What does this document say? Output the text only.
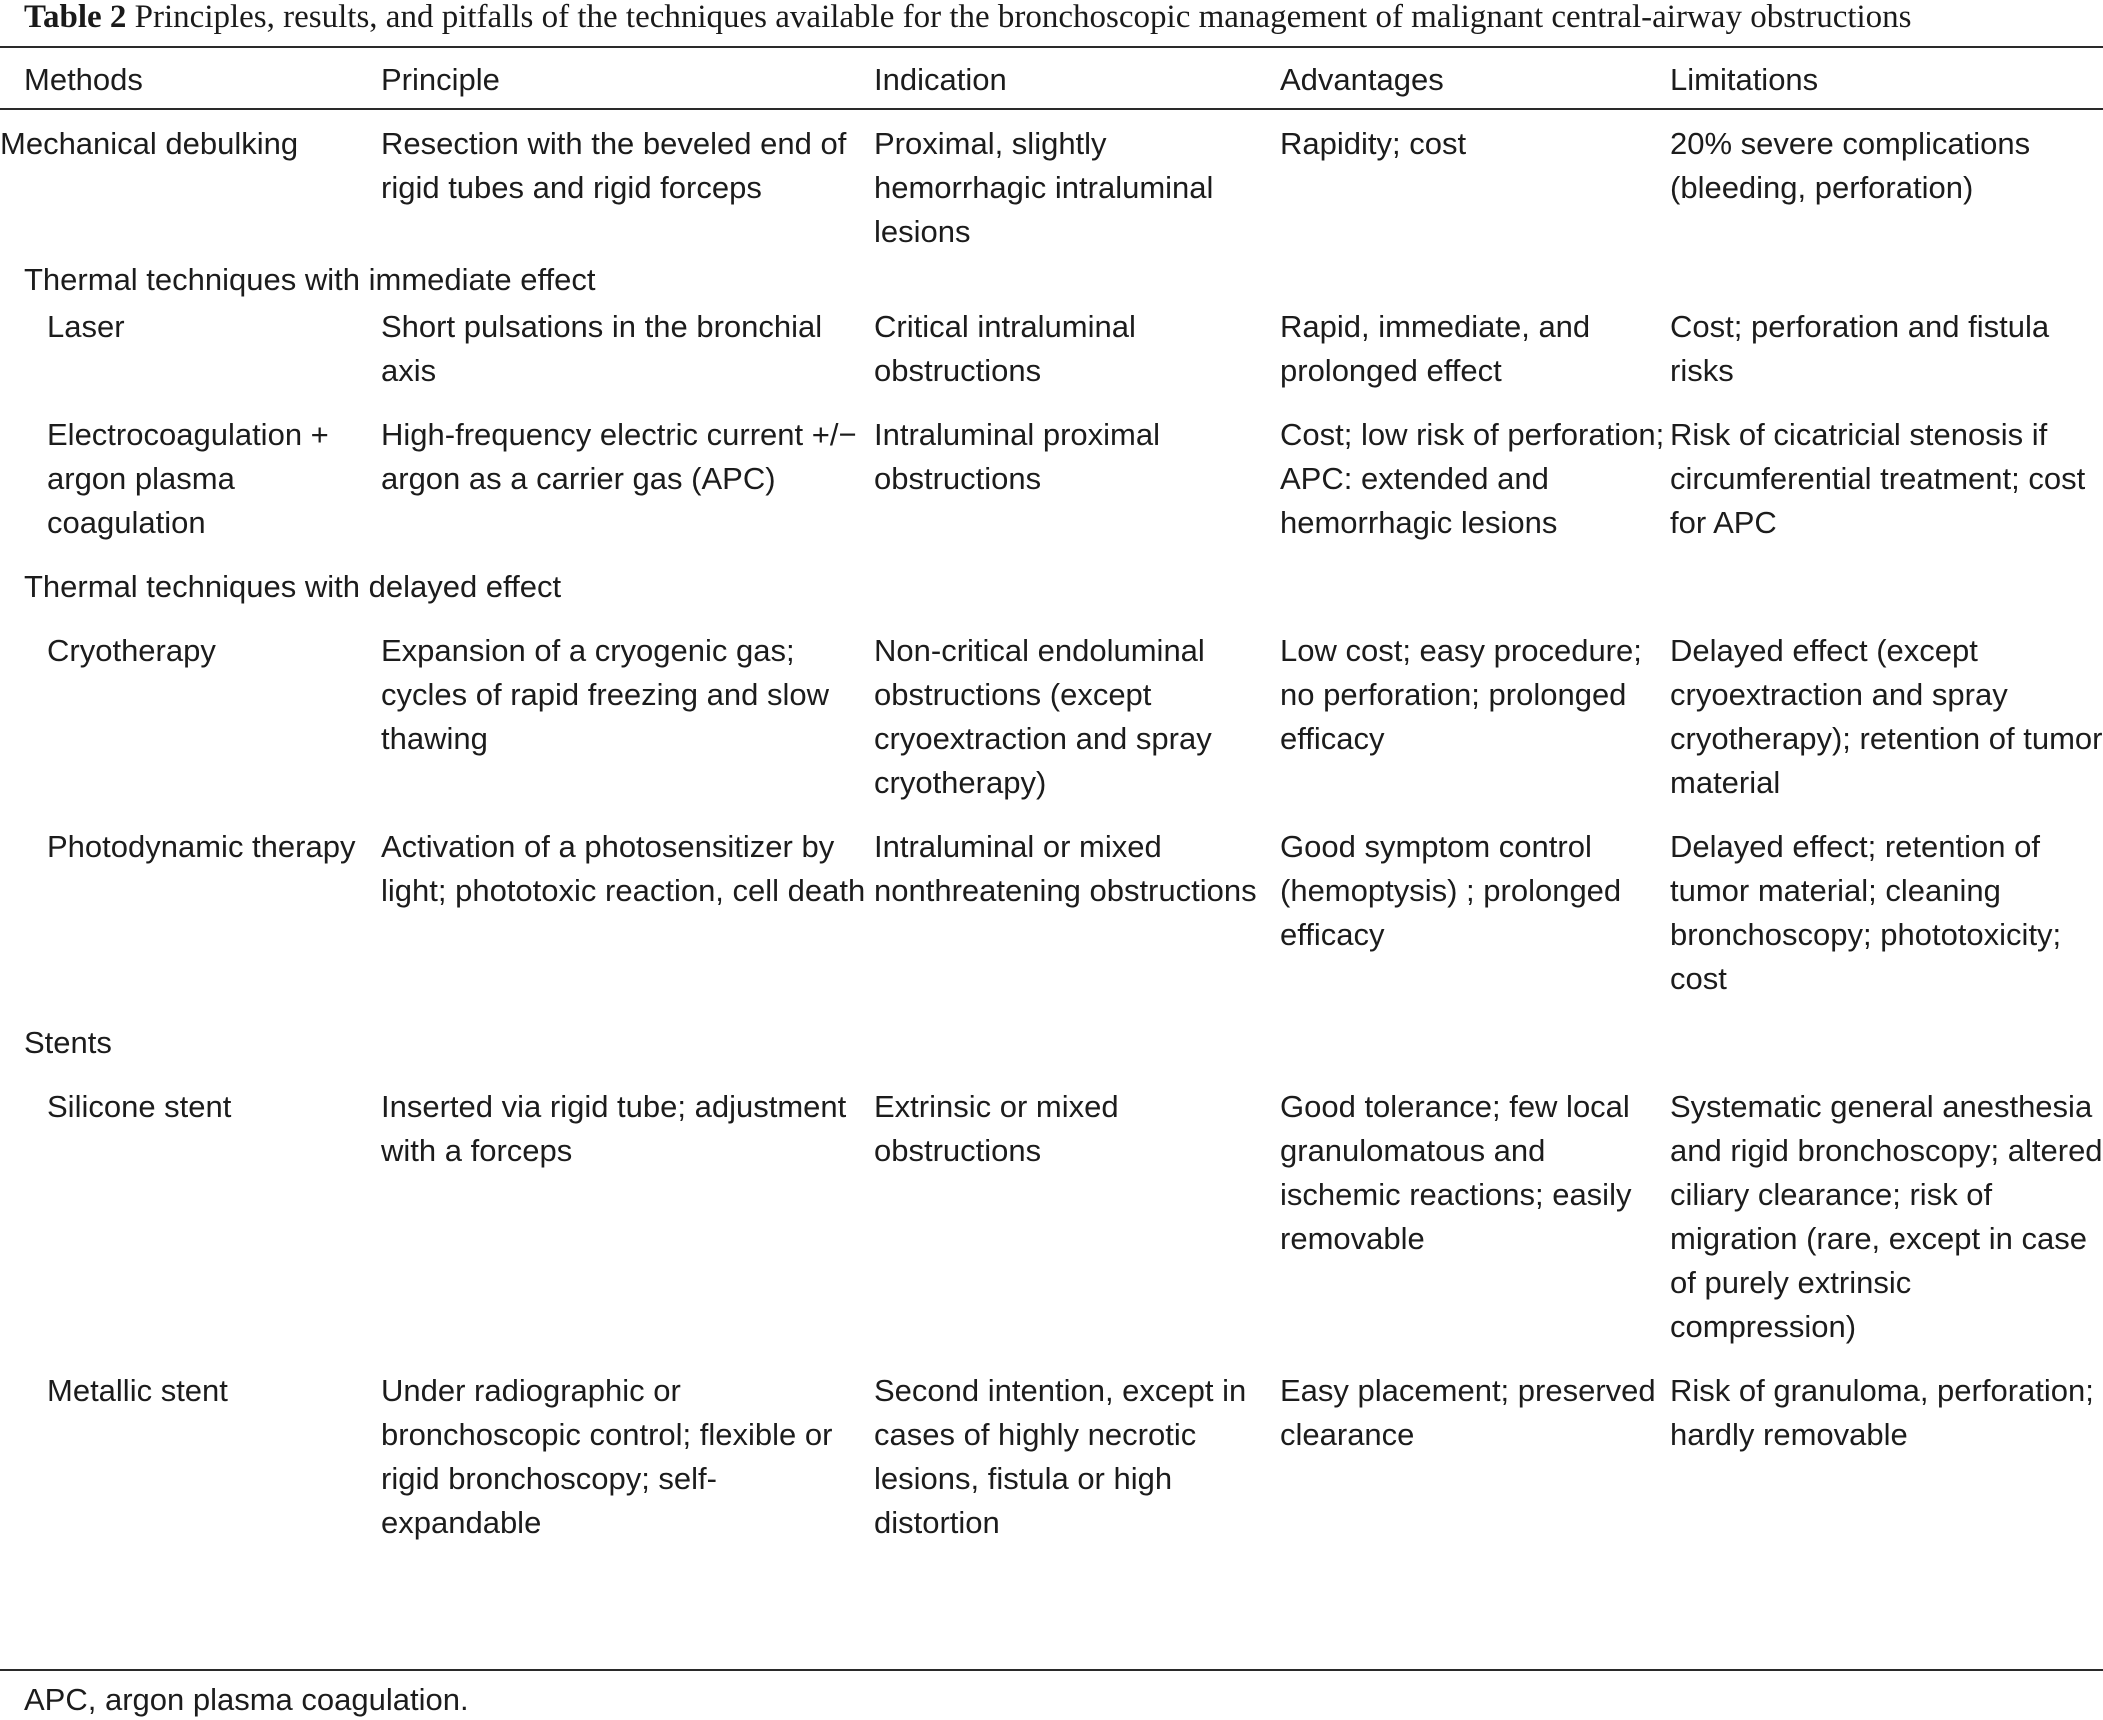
Table 2 Principles, results, and pitfalls of the techniques available for the bronchoscopic management of malignant central-airway obstructions
Methods	Principle	Indication	Advantages	Limitations
Mechanical debulking	Resection with the beveled end of rigid tubes and rigid forceps	Proximal, slightly hemorrhagic intraluminal lesions	Rapidity; cost	20% severe complications (bleeding, perforation)
Thermal techniques with immediate effect				
Laser	Short pulsations in the bronchial axis	Critical intraluminal obstructions	Rapid, immediate, and prolonged effect	Cost; perforation and fistula risks
Electrocoagulation + argon plasma coagulation	High-frequency electric current +/− argon as a carrier gas (APC)	Intraluminal proximal obstructions	Cost; low risk of perforation; APC: extended and hemorrhagic lesions	Risk of cicatricial stenosis if circumferential treatment; cost for APC
Thermal techniques with delayed effect				
Cryotherapy	Expansion of a cryogenic gas; cycles of rapid freezing and slow thawing	Non-critical endoluminal obstructions (except cryoextraction and spray cryotherapy)	Low cost; easy procedure; no perforation; prolonged efficacy	Delayed effect (except cryoextraction and spray cryotherapy); retention of tumor material
Photodynamic therapy	Activation of a photosensitizer by light; phototoxic reaction, cell death	Intraluminal or mixed nonthreatening obstructions	Good symptom control (hemoptysis) ; prolonged efficacy	Delayed effect; retention of tumor material; cleaning bronchoscopy; phototoxicity; cost
Stents				
Silicone stent	Inserted via rigid tube; adjustment with a forceps	Extrinsic or mixed obstructions	Good tolerance; few local granulomatous and ischemic reactions; easily removable	Systematic general anesthesia and rigid bronchoscopy; altered ciliary clearance; risk of migration (rare, except in case of purely extrinsic compression)
Metallic stent	Under radiographic or bronchoscopic control; flexible or rigid bronchoscopy; self-expandable	Second intention, except in cases of highly necrotic lesions, fistula or high distortion	Easy placement; preserved clearance	Risk of granuloma, perforation; hardly removable
APC, argon plasma coagulation.
